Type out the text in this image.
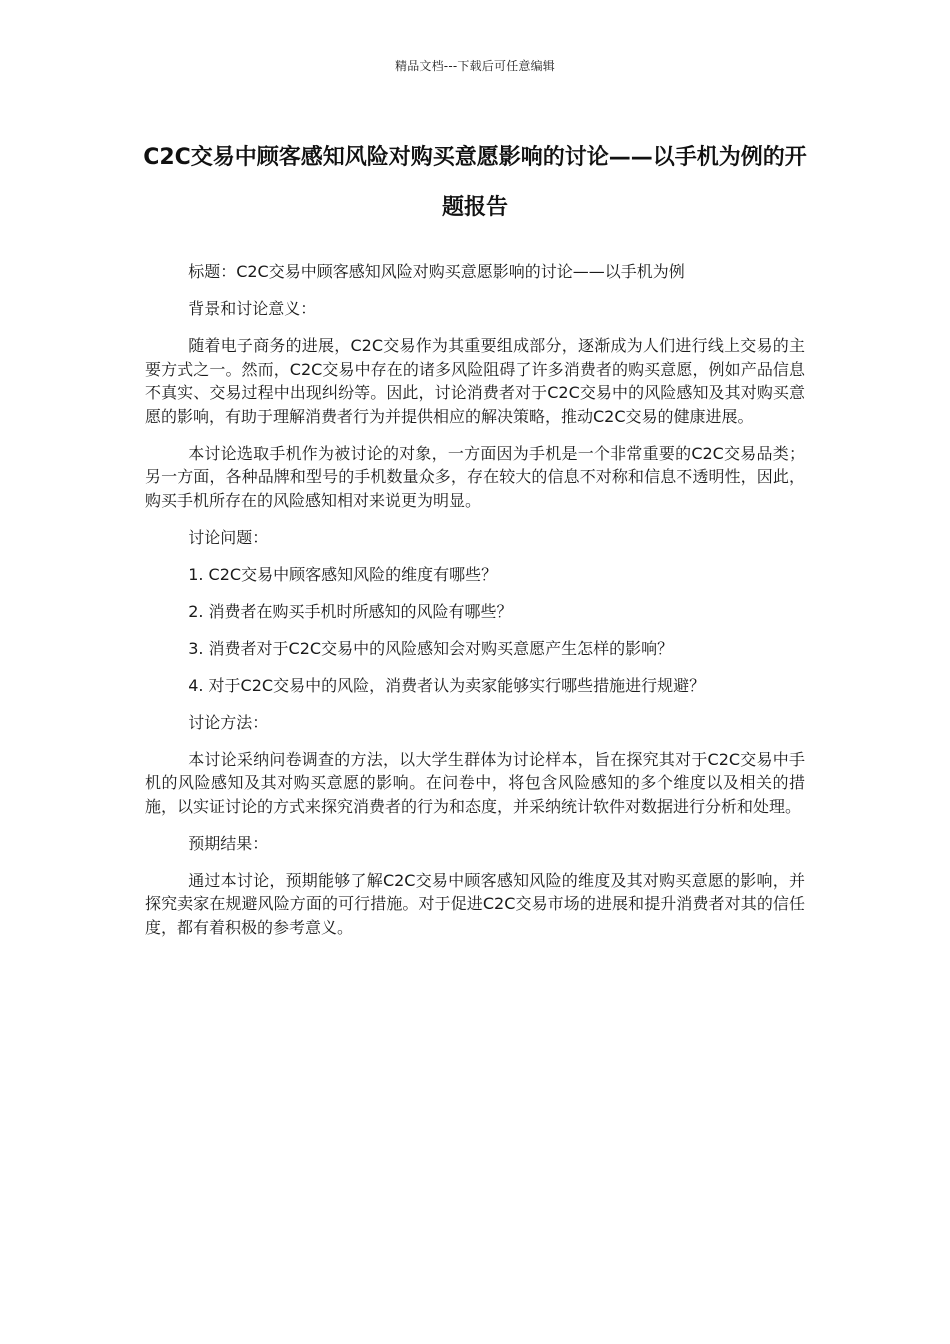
精品文档---下载后可任意编辑
C2C交易中顾客感知风险对购买意愿影响的讨论——以手机为例的开题报告

标题：C2C交易中顾客感知风险对购买意愿影响的讨论——以手机为例

背景和讨论意义：

随着电子商务的进展，C2C交易作为其重要组成部分，逐渐成为人们进行线上交易的主要方式之一。然而，C2C交易中存在的诸多风险阻碍了许多消费者的购买意愿，例如产品信息不真实、交易过程中出现纠纷等。因此，讨论消费者对于C2C交易中的风险感知及其对购买意愿的影响，有助于理解消费者行为并提供相应的解决策略，推动C2C交易的健康进展。

本讨论选取手机作为被讨论的对象，一方面因为手机是一个非常重要的C2C交易品类；另一方面，各种品牌和型号的手机数量众多，存在较大的信息不对称和信息不透明性，因此，购买手机所存在的风险感知相对来说更为明显。

讨论问题：

1. C2C交易中顾客感知风险的维度有哪些？

2. 消费者在购买手机时所感知的风险有哪些？

3. 消费者对于C2C交易中的风险感知会对购买意愿产生怎样的影响？

4. 对于C2C交易中的风险，消费者认为卖家能够实行哪些措施进行规避？

讨论方法：

本讨论采纳问卷调查的方法，以大学生群体为讨论样本，旨在探究其对于C2C交易中手机的风险感知及其对购买意愿的影响。在问卷中，将包含风险感知的多个维度以及相关的措施，以实证讨论的方式来探究消费者的行为和态度，并采纳统计软件对数据进行分析和处理。

预期结果：

通过本讨论，预期能够了解C2C交易中顾客感知风险的维度及其对购买意愿的影响，并探究卖家在规避风险方面的可行措施。对于促进C2C交易市场的进展和提升消费者对其的信任度，都有着积极的参考意义。
